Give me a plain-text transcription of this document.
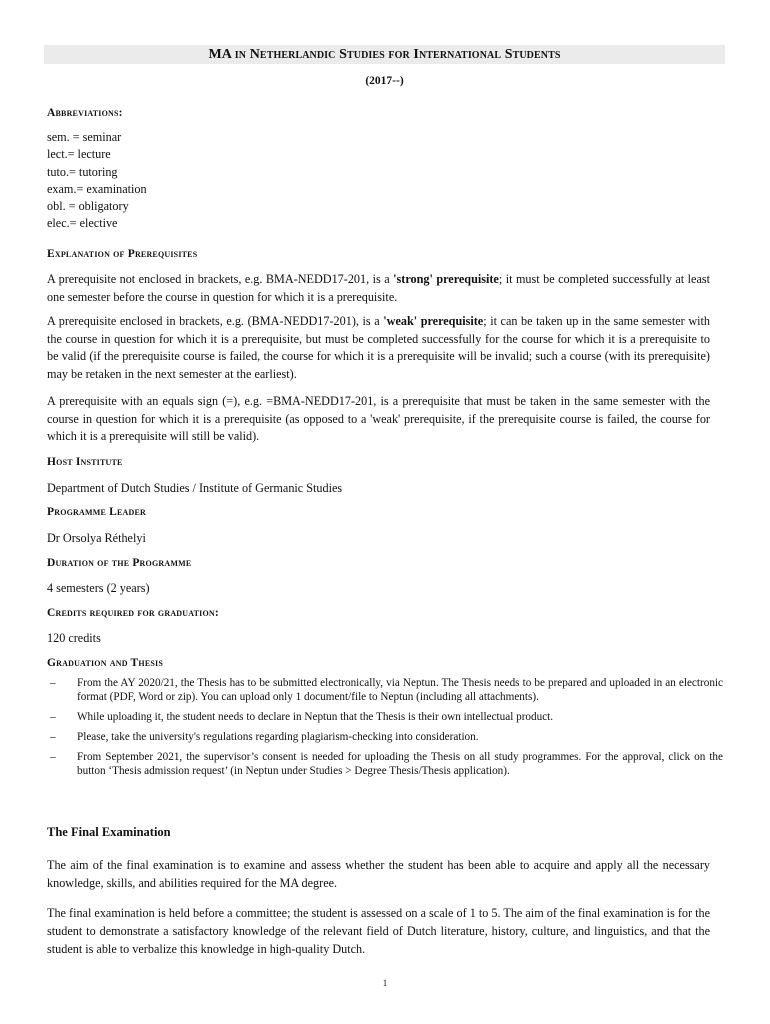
MA in Netherlandic Studies for International Students
(2017--)
Abbreviations:
sem. = seminar
lect.= lecture
tuto.= tutoring
exam.= examination
obl. = obligatory
elec.= elective
Explanation of Prerequisites
A prerequisite not enclosed in brackets, e.g. BMA-NEDD17-201, is a 'strong' prerequisite; it must be completed successfully at least one semester before the course in question for which it is a prerequisite.
A prerequisite enclosed in brackets, e.g. (BMA-NEDD17-201), is a 'weak' prerequisite; it can be taken up in the same semester with the course in question for which it is a prerequisite, but must be completed successfully for the course for which it is a prerequisite to be valid (if the prerequisite course is failed, the course for which it is a prerequisite will be invalid; such a course (with its prerequisite) may be retaken in the next semester at the earliest).
A prerequisite with an equals sign (=), e.g. =BMA-NEDD17-201, is a prerequisite that must be taken in the same semester with the course in question for which it is a prerequisite (as opposed to a 'weak' prerequisite, if the prerequisite course is failed, the course for which it is a prerequisite will still be valid).
Host Institute
Department of Dutch Studies / Institute of Germanic Studies
Programme Leader
Dr Orsolya Réthelyi
Duration of the Programme
4 semesters (2 years)
Credits required for graduation:
120 credits
Graduation and Thesis
– From the AY 2020/21, the Thesis has to be submitted electronically, via Neptun. The Thesis needs to be prepared and uploaded in an electronic format (PDF, Word or zip). You can upload only 1 document/file to Neptun (including all attachments).
– While uploading it, the student needs to declare in Neptun that the Thesis is their own intellectual product.
– Please, take the university's regulations regarding plagiarism-checking into consideration.
– From September 2021, the supervisor’s consent is needed for uploading the Thesis on all study programmes. For the approval, click on the button ‘Thesis admission request’ (in Neptun under Studies > Degree Thesis/Thesis application).
The Final Examination
The aim of the final examination is to examine and assess whether the student has been able to acquire and apply all the necessary knowledge, skills, and abilities required for the MA degree.
The final examination is held before a committee; the student is assessed on a scale of 1 to 5. The aim of the final examination is for the student to demonstrate a satisfactory knowledge of the relevant field of Dutch literature, history, culture, and linguistics, and that the student is able to verbalize this knowledge in high-quality Dutch.
1
